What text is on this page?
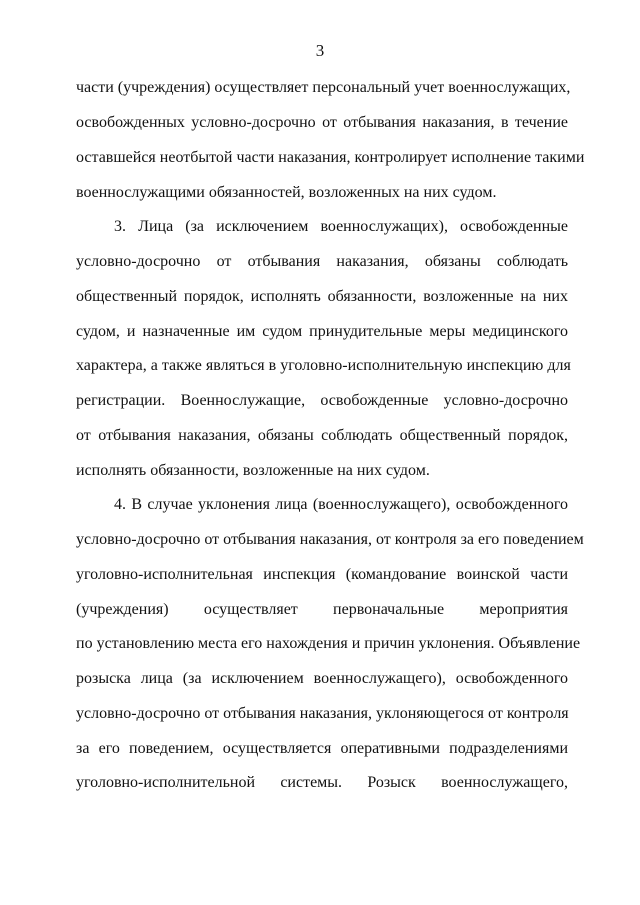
3
части (учреждения) осуществляет персональный учет военнослужащих,
освобожденных условно-досрочно от отбывания наказания, в течение
оставшейся неотбытой части наказания, контролирует исполнение такими
военнослужащими обязанностей, возложенных на них судом.
3. Лица (за исключением военнослужащих), освобожденные
условно-досрочно от отбывания наказания, обязаны соблюдать
общественный порядок, исполнять обязанности, возложенные на них
судом, и назначенные им судом принудительные меры медицинского
характера, а также являться в уголовно-исполнительную инспекцию для
регистрации. Военнослужащие, освобожденные условно-досрочно
от отбывания наказания, обязаны соблюдать общественный порядок,
исполнять обязанности, возложенные на них судом.
4. В случае уклонения лица (военнослужащего), освобожденного
условно-досрочно от отбывания наказания, от контроля за его поведением
уголовно-исполнительная инспекция (командование воинской части
(учреждения) осуществляет первоначальные мероприятия
по установлению места его нахождения и причин уклонения. Объявление
розыска лица (за исключением военнослужащего), освобожденного
условно-досрочно от отбывания наказания, уклоняющегося от контроля
за его поведением, осуществляется оперативными подразделениями
уголовно-исполнительной системы. Розыск военнослужащего,
